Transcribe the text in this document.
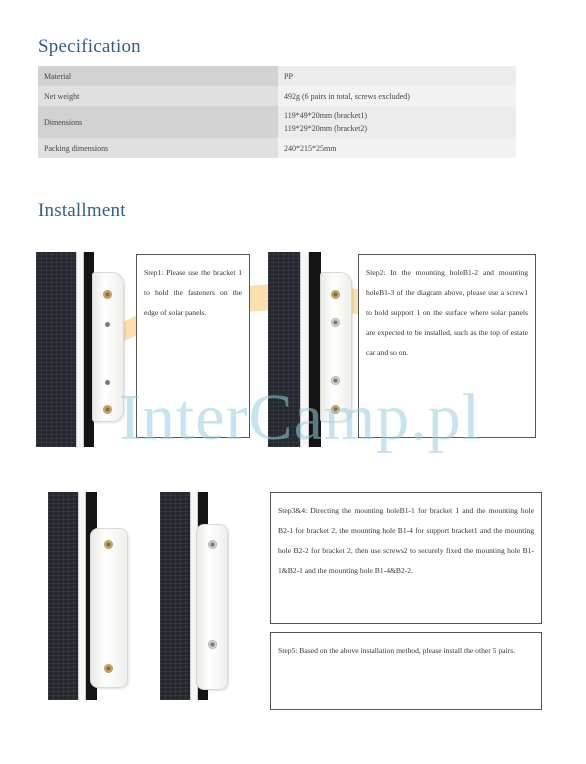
Specification
Material	PP
Net weight	492g (6 pairs in total, screws excluded)
Dimensions	119*49*20mm (bracket1)
119*29*20mm (bracket2)

Packing dimensions	240*215*25mm
Installment
Step1: Please use the bracket 1 to hold the fasteners on the edge of solar panels.
Step2: In the mounting holeB1-2 and mounting holeB1-3 of the diagram above, please use a screw1 to hold support 1 on the surface where solar panels are expected to be installed, such as the top of estate car and so on.
Step3&4: Directing the mounting holeB1-1 for bracket 1 and the mounting hole B2-1 for bracket 2, the mounting hole B1-4 for support bracket1 and the mounting hole B2-2 for bracket 2, then use screws2 to securely fixed the mounting hole B1-1&B2-1 and the mounting hole B1-4&B2-2.
Step5: Based on the above installation method, please install the other 5 pairs.
InterCamp.pl
